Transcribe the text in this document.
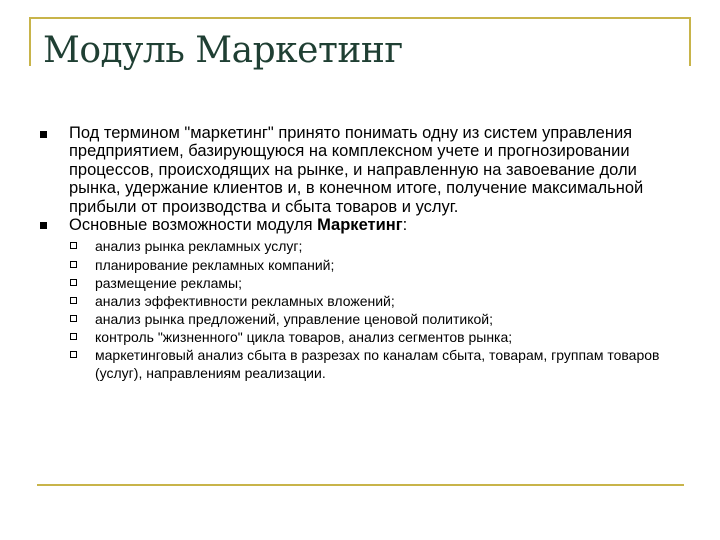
Модуль Маркетинг
Под термином "маркетинг" принято понимать одну из систем управления предприятием, базирующуюся на комплексном учете и прогнозировании процессов, происходящих на рынке, и направленную на завоевание доли рынка, удержание клиентов и, в конечном итоге, получение максимальной прибыли от производства и сбыта товаров и услуг.
Основные возможности модуля Маркетинг:
анализ рынка рекламных услуг;
планирование рекламных компаний;
размещение рекламы;
анализ эффективности рекламных вложений;
анализ рынка предложений, управление ценовой политикой;
контроль "жизненного" цикла товаров, анализ сегментов рынка;
маркетинговый анализ сбыта в разрезах по каналам сбыта, товарам, группам товаров (услуг), направлениям реализации.
